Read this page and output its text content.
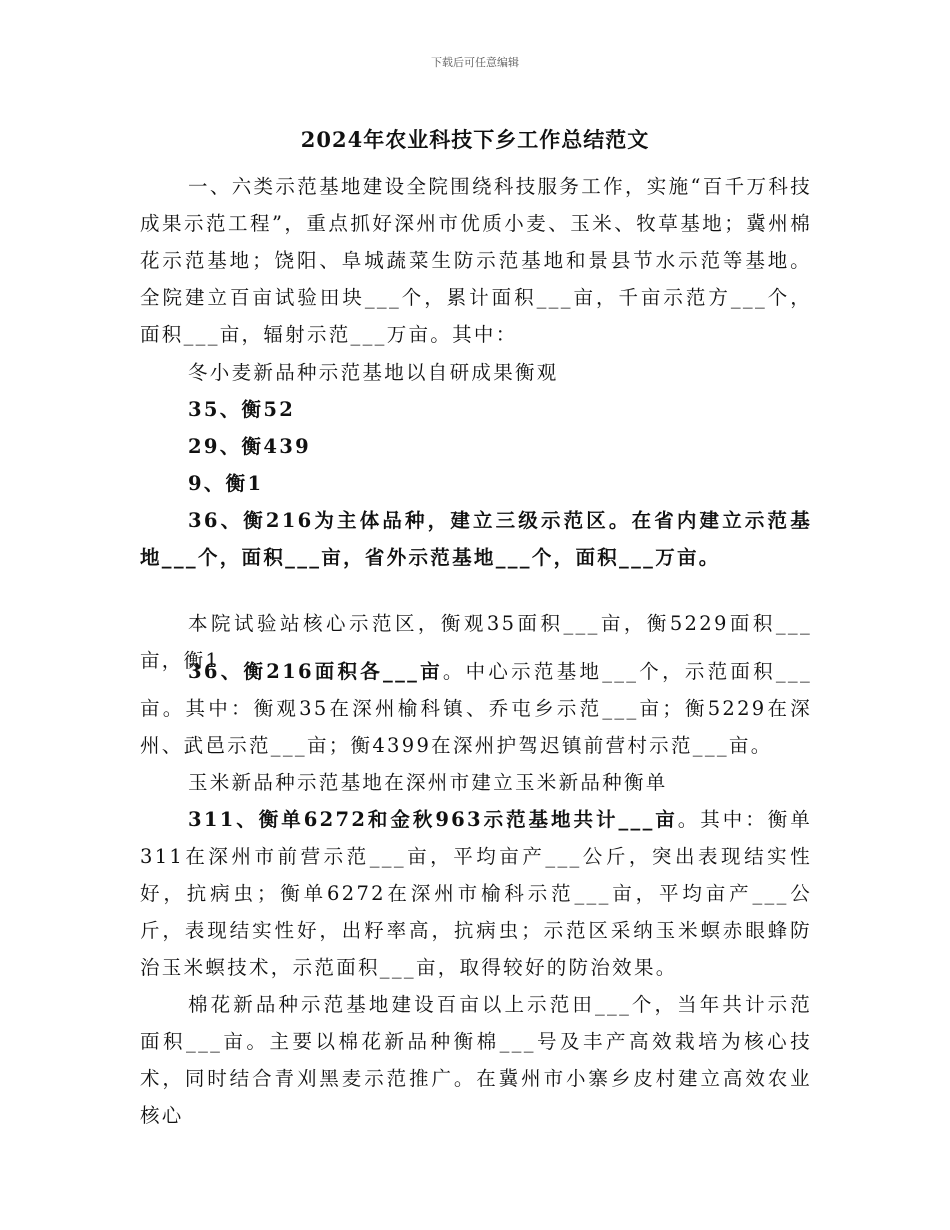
下载后可任意编辑
2024年农业科技下乡工作总结范文

一、六类示范基地建设全院围绕科技服务工作，实施“百千万科技成果示范工程”，重点抓好深州市优质小麦、玉米、牧草基地；冀州棉花示范基地；饶阳、阜城蔬菜生防示范基地和景县节水示范等基地。全院建立百亩试验田块___个，累计面积___亩，千亩示范方___个，面积___亩，辐射示范___万亩。其中：

冬小麦新品种示范基地以自研成果衡观

35、衡52

29、衡439

9、衡1

36、衡216为主体品种，建立三级示范区。在省内建立示范基地___个，面积___亩，省外示范基地___个，面积___万亩。

本院试验站核心示范区，衡观35面积___亩，衡5229面积___亩，衡1

36、衡216面积各___亩。中心示范基地___个，示范面积___亩。其中：衡观35在深州榆科镇、乔屯乡示范___亩；衡5229在深州、武邑示范___亩；衡4399在深州护驾迟镇前营村示范___亩。

玉米新品种示范基地在深州市建立玉米新品种衡单

311、衡单6272和金秋963示范基地共计___亩。其中：衡单311在深州市前营示范___亩，平均亩产___公斤，突出表现结实性好，抗病虫；衡单6272在深州市榆科示范___亩，平均亩产___公斤，表现结实性好，出籽率高，抗病虫；示范区采纳玉米螟赤眼蜂防治玉米螟技术，示范面积___亩，取得较好的防治效果。

棉花新品种示范基地建设百亩以上示范田___个，当年共计示范面积___亩。主要以棉花新品种衡棉___号及丰产高效栽培为核心技术，同时结合青刈黑麦示范推广。在冀州市小寨乡皮村建立高效农业核心
